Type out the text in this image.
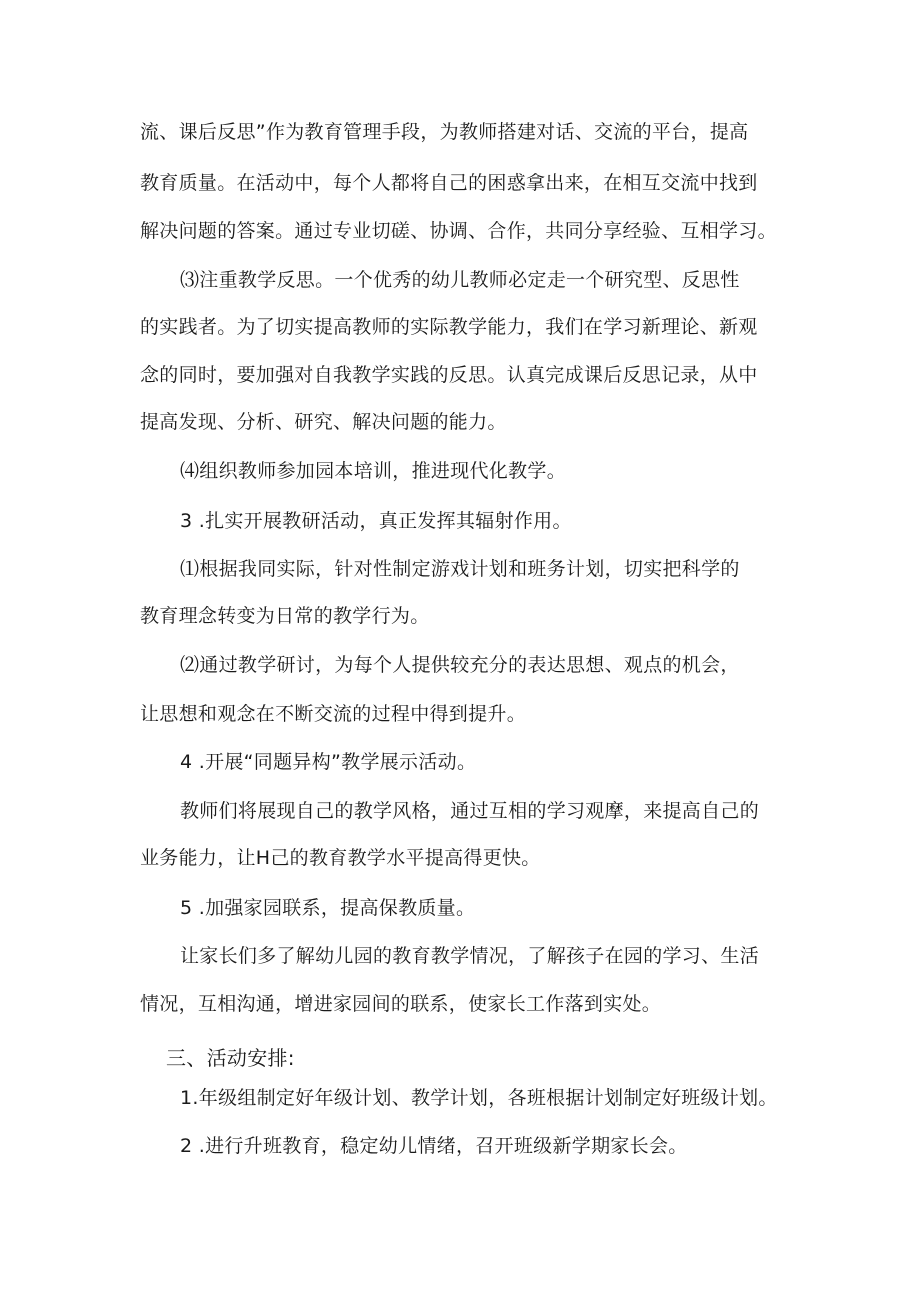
流、课后反思”作为教育管理手段，为教师搭建对话、交流的平台，提高
教育质量。在活动中，每个人都将自己的困惑拿出来，在相互交流中找到
解决问题的答案。通过专业切磋、协调、合作，共同分享经验、互相学习。
⑶注重教学反思。一个优秀的幼儿教师必定走一个研究型、反思性
的实践者。为了切实提高教师的实际教学能力，我们在学习新理论、新观
念的同时，要加强对自我教学实践的反思。认真完成课后反思记录，从中
提高发现、分析、研究、解决问题的能力。
⑷组织教师参加园本培训，推进现代化教学。
3 .扎实开展教研活动，真正发挥其辐射作用。
⑴根据我同实际，针对性制定游戏计划和班务计划，切实把科学的
教育理念转变为日常的教学行为。
⑵通过教学研讨，为每个人提供较充分的表达思想、观点的机会，
让思想和观念在不断交流的过程中得到提升。
4 .开展“同题异构”教学展示活动。
教师们将展现自己的教学风格，通过互相的学习观摩，来提高自己的
业务能力，让H己的教育教学水平提高得更快。
5 .加强家园联系，提高保教质量。
让家长们多了解幼儿园的教育教学情况，了解孩子在园的学习、生活
情况，互相沟通，增进家园间的联系，使家长工作落到实处。
三、活动安排:
1.年级组制定好年级计划、教学计划，各班根据计划制定好班级计划。
2 .进行升班教育，稳定幼儿情绪，召开班级新学期家长会。
